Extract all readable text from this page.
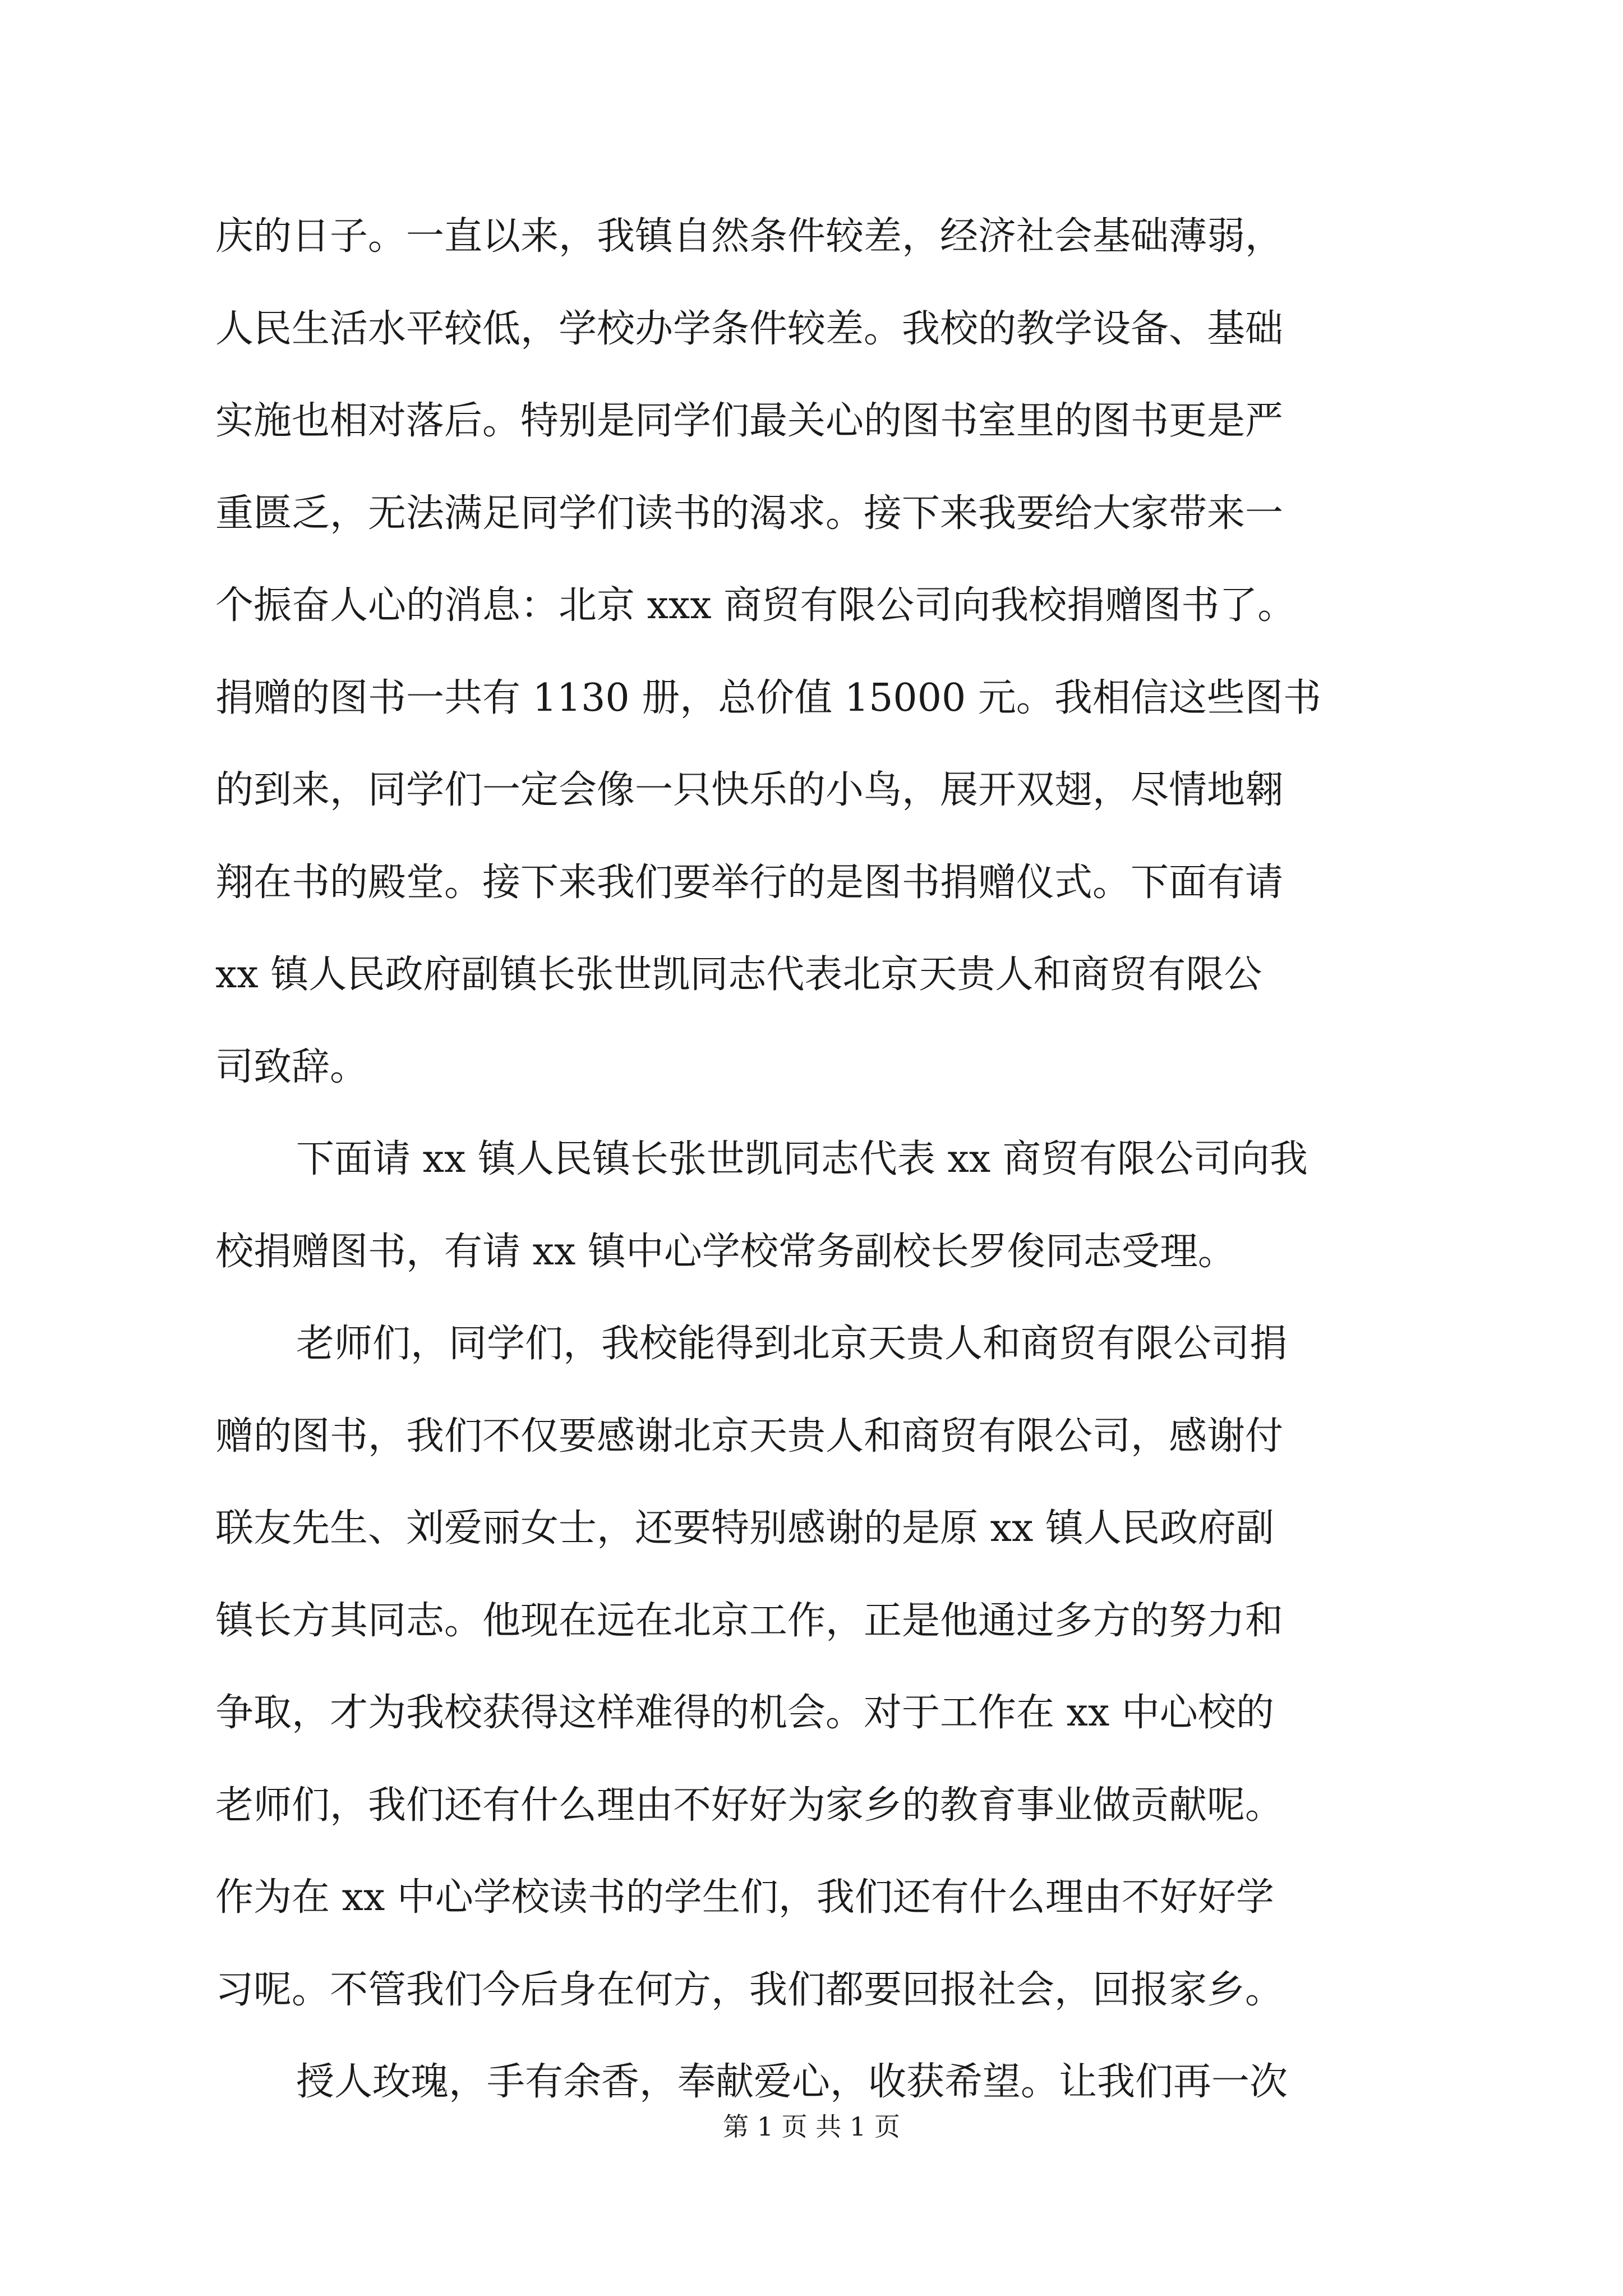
庆的日子。一直以来，我镇自然条件较差，经济社会基础薄弱，
人民生活水平较低，学校办学条件较差。我校的教学设备、基础
实施也相对落后。特别是同学们最关心的图书室里的图书更是严
重匮乏，无法满足同学们读书的渴求。接下来我要给大家带来一
个振奋人心的消息：北京 xxx 商贸有限公司向我校捐赠图书了。
捐赠的图书一共有 1130 册，总价值 15000 元。我相信这些图书
的到来，同学们一定会像一只快乐的小鸟，展开双翅，尽情地翱
翔在书的殿堂。接下来我们要举行的是图书捐赠仪式。下面有请
xx 镇人民政府副镇长张世凯同志代表北京天贵人和商贸有限公
司致辞。
下面请 xx 镇人民镇长张世凯同志代表 xx 商贸有限公司向我
校捐赠图书，有请 xx 镇中心学校常务副校长罗俊同志受理。
老师们，同学们，我校能得到北京天贵人和商贸有限公司捐
赠的图书，我们不仅要感谢北京天贵人和商贸有限公司，感谢付
联友先生、刘爱丽女士，还要特别感谢的是原 xx 镇人民政府副
镇长方其同志。他现在远在北京工作，正是他通过多方的努力和
争取，才为我校获得这样难得的机会。对于工作在 xx 中心校的
老师们，我们还有什么理由不好好为家乡的教育事业做贡献呢。
作为在 xx 中心学校读书的学生们，我们还有什么理由不好好学
习呢。不管我们今后身在何方，我们都要回报社会，回报家乡。
授人玫瑰，手有余香，奉献爱心，收获希望。让我们再一次
第 1 页 共 1 页
